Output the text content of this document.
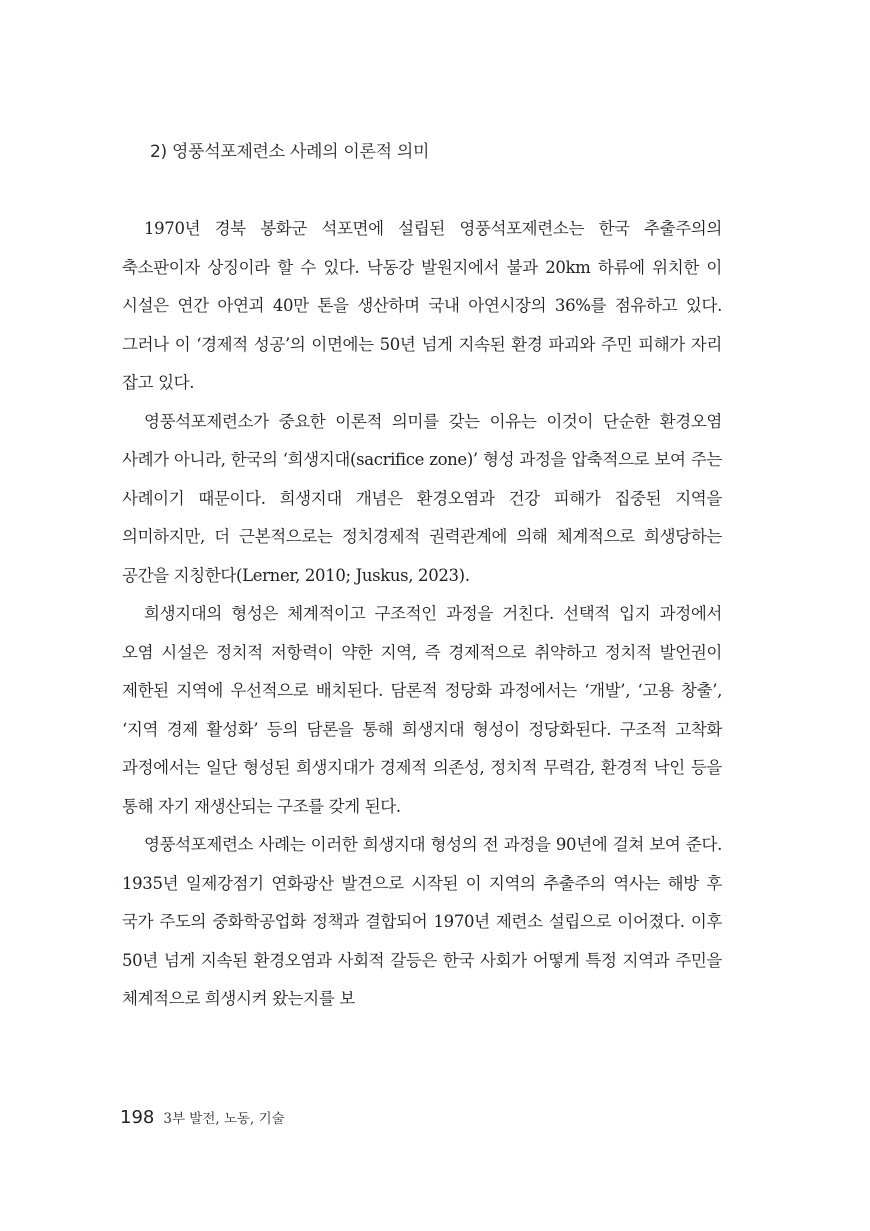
2) 영풍석포제련소 사례의 이론적 의미

1970년 경북 봉화군 석포면에 설립된 영풍석포제련소는 한국 추출주의의 축소판이자 상징이라 할 수 있다. 낙동강 발원지에서 불과 20km 하류에 위치한 이 시설은 연간 아연괴 40만 톤을 생산하며 국내 아연시장의 36%를 점유하고 있다. 그러나 이 ‘경제적 성공’의 이면에는 50년 넘게 지속된 환경 파괴와 주민 피해가 자리 잡고 있다.

영풍석포제련소가 중요한 이론적 의미를 갖는 이유는 이것이 단순한 환경오염 사례가 아니라, 한국의 ‘희생지대(sacrifice zone)’ 형성 과정을 압축적으로 보여 주는 사례이기 때문이다. 희생지대 개념은 환경오염과 건강 피해가 집중된 지역을 의미하지만, 더 근본적으로는 정치경제적 권력관계에 의해 체계적으로 희생당하는 공간을 지칭한다(Lerner, 2010; Juskus, 2023).

희생지대의 형성은 체계적이고 구조적인 과정을 거친다. 선택적 입지 과정에서 오염 시설은 정치적 저항력이 약한 지역, 즉 경제적으로 취약하고 정치적 발언권이 제한된 지역에 우선적으로 배치된다. 담론적 정당화 과정에서는 ‘개발’, ‘고용 창출’, ‘지역 경제 활성화’ 등의 담론을 통해 희생지대 형성이 정당화된다. 구조적 고착화 과정에서는 일단 형성된 희생지대가 경제적 의존성, 정치적 무력감, 환경적 낙인 등을 통해 자기 재생산되는 구조를 갖게 된다.

영풍석포제련소 사례는 이러한 희생지대 형성의 전 과정을 90년에 걸쳐 보여 준다. 1935년 일제강점기 연화광산 발견으로 시작된 이 지역의 추출주의 역사는 해방 후 국가 주도의 중화학공업화 정책과 결합되어 1970년 제련소 설립으로 이어졌다. 이후 50년 넘게 지속된 환경오염과 사회적 갈등은 한국 사회가 어떻게 특정 지역과 주민을 체계적으로 희생시켜 왔는지를 보

198 3부 발전, 노동, 기술
